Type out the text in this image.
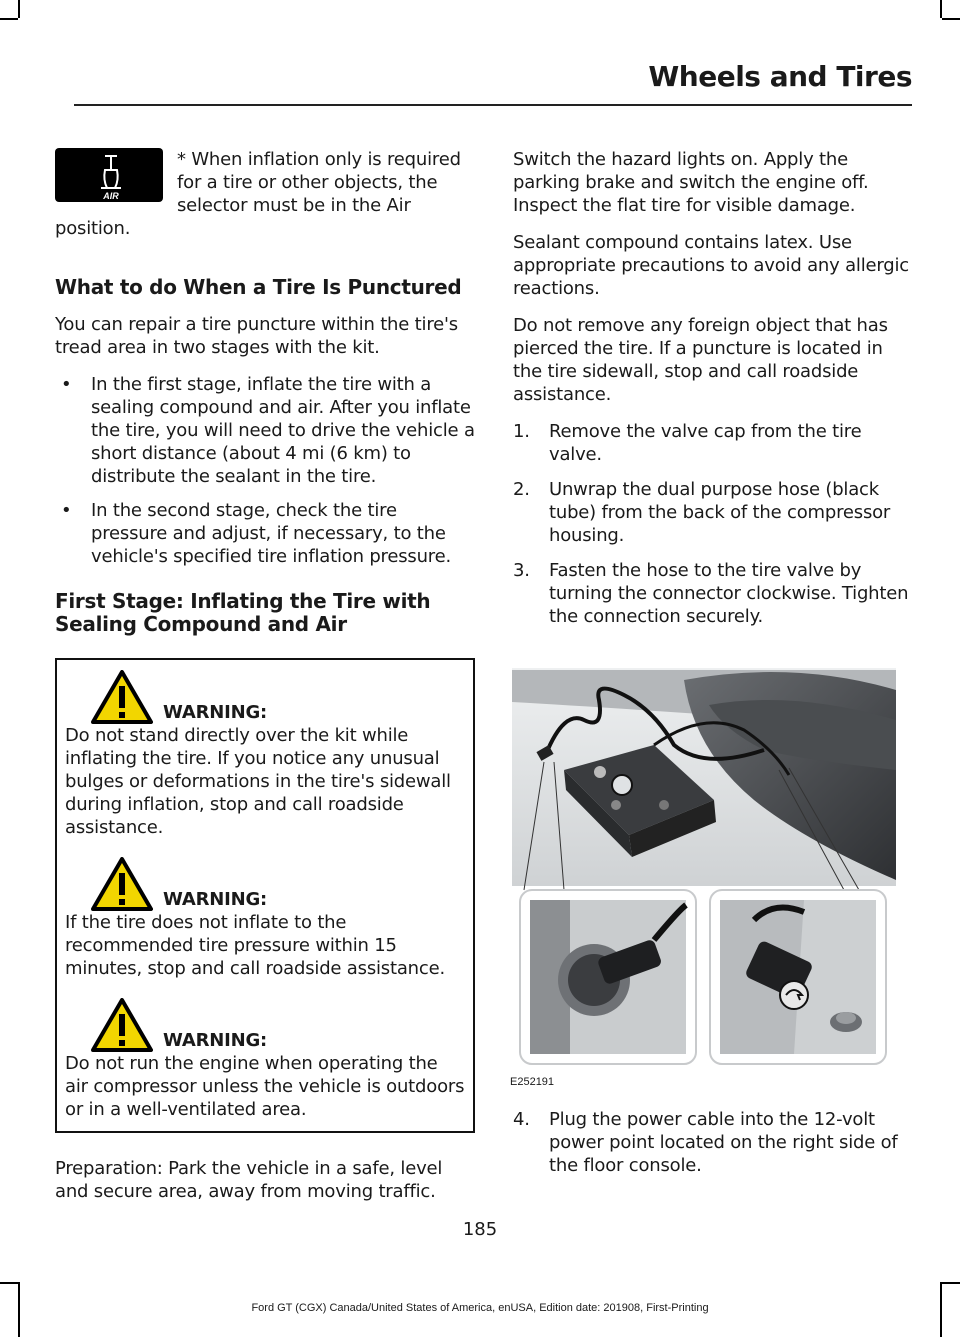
Wheels and Tires
AIR

* When inflation only is required for a tire or other objects, the selector must be in the Air position.

What to do When a Tire Is Punctured

You can repair a tire puncture within the tire's tread area in two stages with the kit.

• In the first stage, inflate the tire with a sealing compound and air. After you inflate the tire, you will need to drive the vehicle a short distance (about 4 mi (6 km) to distribute the sealant in the tire.
• In the second stage, check the tire pressure and adjust, if necessary, to the vehicle's specified tire inflation pressure.
First Stage: Inflating the Tire with Sealing Compound and Air
WARNING:
Do not stand directly over the kit while inflating the tire. If you notice any unusual bulges or deformations in the tire's sidewall during inflation, stop and call roadside assistance.
WARNING:
If the tire does not inflate to the recommended tire pressure within 15 minutes, stop and call roadside assistance.
WARNING:
Do not run the engine when operating the air compressor unless the vehicle is outdoors or in a well-ventilated area.

Preparation: Park the vehicle in a safe, level and secure area, away from moving traffic.

Switch the hazard lights on. Apply the parking brake and switch the engine off. Inspect the flat tire for visible damage.

Sealant compound contains latex. Use appropriate precautions to avoid any allergic reactions.

Do not remove any foreign object that has pierced the tire. If a puncture is located in the tire sidewall, stop and call roadside assistance.

1. Remove the valve cap from the tire valve.
2. Unwrap the dual purpose hose (black tube) from the back of the compressor housing.
3. Fasten the hose to the tire valve by turning the connector clockwise. Tighten the connection securely.
E252191
4. Plug the power cable into the 12-volt power point located on the right side of the floor console.
185
Ford GT (CGX) Canada/United States of America, enUSA, Edition date: 201908, First-Printing
